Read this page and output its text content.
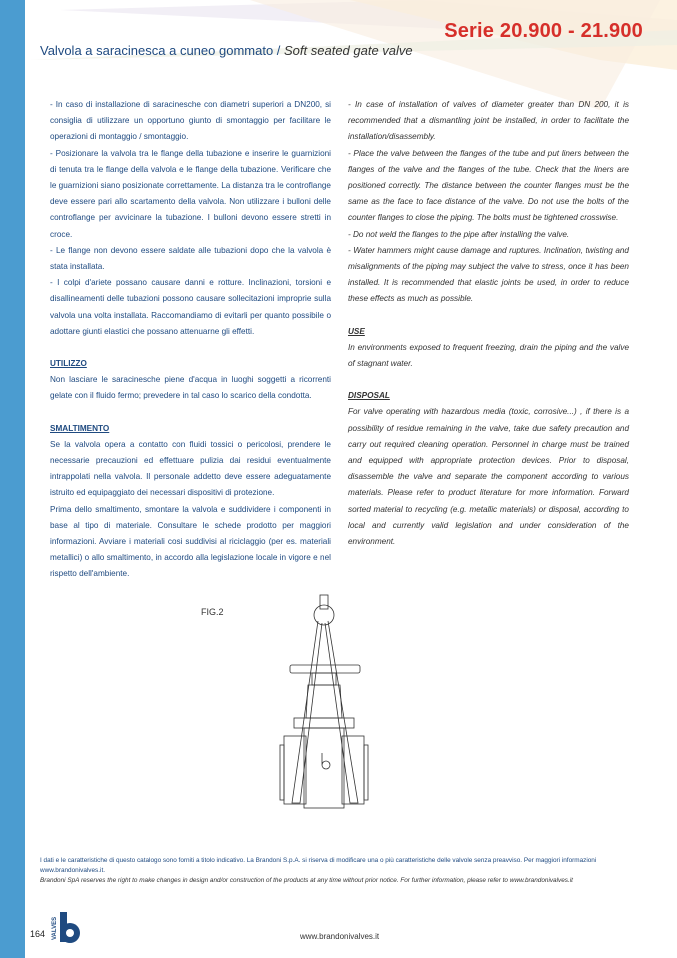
Serie 20.900 - 21.900
Valvola a saracinesca a cuneo gommato / Soft seated gate valve

- In caso di installazione di saracinesche con diametri superiori a DN200, si consiglia di utilizzare un opportuno giunto di smontaggio per facilitare le operazioni di montaggio / smontaggio.

- Posizionare la valvola tra le flange della tubazione e inserire le guarnizioni di tenuta tra le flange della valvola e le flange della tubazione. Verificare che le guarnizioni siano posizionate correttamente. La distanza tra le controflange deve essere pari allo scartamento della valvola. Non utilizzare i bulloni delle controflange per avvicinare la tubazione. I bulloni devono essere stretti in croce.

- Le flange non devono essere saldate alle tubazioni dopo che la valvola è stata installata.

- I colpi d'ariete possano causare danni e rotture. Inclinazioni, torsioni e disallineamenti delle tubazioni possono causare sollecitazioni improprie sulla valvola una volta installata. Raccomandiamo di evitarli per quanto possibile o adottare giunti elastici che possano attenuarne gli effetti.

UTILIZZO

Non lasciare le saracinesche piene d'acqua in luoghi soggetti a ricorrenti gelate con il fluido fermo; prevedere in tal caso lo scarico della condotta.

SMALTIMENTO

Se la valvola opera a contatto con fluidi tossici o pericolosi, prendere le necessarie precauzioni ed effettuare pulizia dai residui eventualmente intrappolati nella valvola. Il personale addetto deve essere adeguatamente istruito ed equipaggiato dei necessari dispositivi di protezione.

Prima dello smaltimento, smontare la valvola e suddividere i componenti in base al tipo di materiale. Consultare le schede prodotto per maggiori informazioni. Avviare i materiali cosi suddivisi al riciclaggio (per es. materiali metallici) o allo smaltimento, in accordo alla legislazione locale in vigore e nel rispetto dell'ambiente.

- In case of installation of valves of diameter greater than DN 200, it is recommended that a dismantling joint be installed, in order to facilitate the installation/disassembly.

- Place the valve between the flanges of the tube and put liners between the flanges of the valve and the flanges of the tube. Check that the liners are positioned correctly. The distance between the counter flanges must be the same as the face to face distance of the valve. Do not use the bolts of the counter flanges to close the piping. The bolts must be tightened crosswise.

- Do not weld the flanges to the pipe after installing the valve.

- Water hammers might cause damage and ruptures. Inclination, twisting and misalignments of the piping may subject the valve to stress, once it has been installed. It is recommended that elastic joints be used, in order to reduce these effects as much as possible.

USE

In environments exposed to frequent freezing, drain the piping and the valve of stagnant water.

DISPOSAL

For valve operating with hazardous media (toxic, corrosive...) , if there is a possibility of residue remaining in the valve, take due safety precaution and carry out required cleaning operation. Personnel in charge must be trained and equipped with appropriate protection devices. Prior to disposal, disassemble the valve and separate the component according to various materials. Please refer to product literature for more information. Forward sorted material to recycling (e.g. metallic materials) or disposal, according to local and currently valid legislation and under consideration of the environment.

FIG.2
I dati e le caratteristiche di questo catalogo sono forniti a titolo indicativo. La Brandoni S.p.A. si riserva di modificare una o più caratteristiche delle valvole senza preavviso. Per maggiori informazioni www.brandonivalves.it.
Brandoni SpA reserves the right to make changes in design and/or construction of the products at any time without prior notice. For further information, please refer to www.brandonivalves.it
164 VALVES	www.brandonivalves.it
